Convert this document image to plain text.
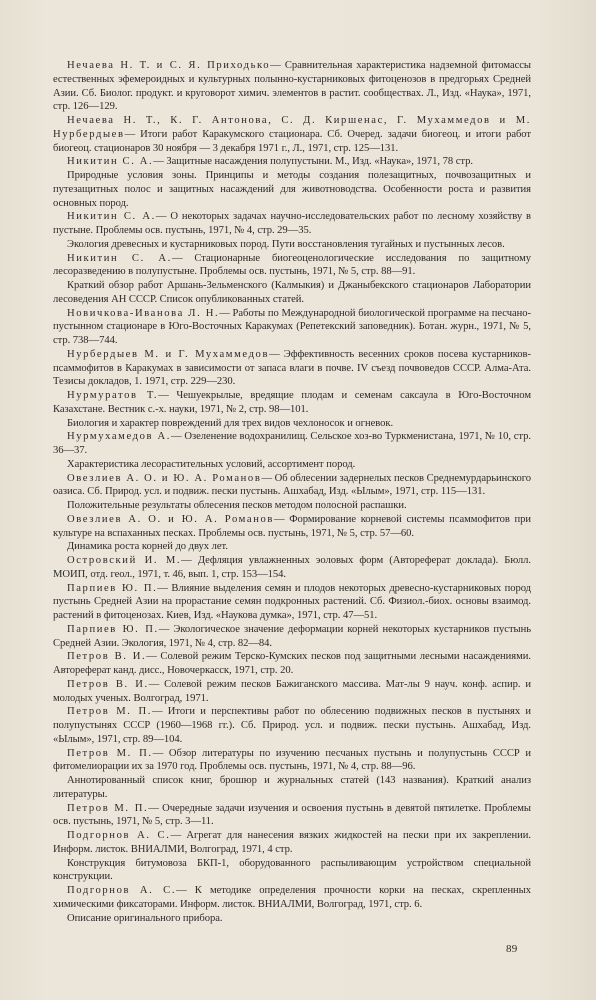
Нечаева Н. Т. и С. Я. Приходько— Сравнительная характеристика надземной фитомассы естественных эфемероидных и культурных полынно-кустарниковых фитоценозов в предгорьях Средней Азии. Сб. Биолог. продукт. и круговорот химич. элементов в растит. сообществах. Л., Изд. «Наука», 1971, стр. 126—129.

Нечаева Н. Т., К. Г. Антонова, С. Д. Киршенас, Г. Мухаммедов и М. Нурбердыев— Итоги работ Каракумского стационара. Сб. Очеред. задачи биогеоц. и итоги работ биогеоц. стационаров 30 ноября — 3 декабря 1971 г., Л., 1971, стр. 125—131.

Никитин С. А.— Защитные насаждения полупустыни. М., Изд. «Наука», 1971, 78 стр.

Природные условия зоны. Принципы и методы создания полезащитных, почвозащитных и путезащитных полос и защитных насаждений для животноводства. Особенности роста и развития основных пород.

Никитин С. А.— О некоторых задачах научно-исследовательских работ по лесному хозяйству в пустыне. Проблемы осв. пустынь, 1971, № 4, стр. 29—35.

Экология древесных и кустарниковых пород. Пути восстановления тугайных и пустынных лесов.

Никитин С. А.— Стационарные биогеоценологические исследования по защитному лесоразведению в полупустыне. Проблемы осв. пустынь, 1971, № 5, стр. 88—91.

Краткий обзор работ Аршань-Зельменского (Калмыкия) и Джаныбекского стационаров Лаборатории лесоведения АН СССР. Список опубликованных статей.

Новичкова-Иванова Л. Н.— Работы по Международной биологической программе на песчано-пустынном стационаре в Юго-Восточных Каракумах (Репетекский заповедник). Ботан. журн., 1971, № 5, стр. 738—744.

Нурбердыев М. и Г. Мухаммедов— Эффективность весенних сроков посева кустарников-псаммофитов в Каракумах в зависимости от запаса влаги в почве. IV съезд почвоведов СССР. Алма-Ата. Тезисы докладов, 1. 1971, стр. 229—230.

Нурмуратов Т.— Чешуекрылые, вредящие плодам и семенам саксаула в Юго-Восточном Казахстане. Вестник с.-х. науки, 1971, № 2, стр. 98—101.

Биология и характер повреждений для трех видов чехлоносок и огневок.

Нурмухамедов А.— Озеленение водохранилищ. Сельское хоз-во Туркменистана, 1971, № 10, стр. 36—37.

Характеристика лесорастительных условий, ассортимент пород.

Овезлиев А. О. и Ю. А. Романов— Об облесении задернелых песков Среднемурдарьинского оазиса. Сб. Природ. усл. и подвиж. пески пустынь. Ашхабад, Изд. «Ылым», 1971, стр. 115—131.

Положительные результаты облесения песков методом полосной распашки.

Овезлиев А. О. и Ю. А. Романов— Формирование корневой системы псаммофитов при культуре на вспаханных песках. Проблемы осв. пустынь, 1971, № 5, стр. 57—60.

Динамика роста корней до двух лет.

Островский И. М.— Дефляция увлажненных эоловых форм (Автореферат доклада). Бюлл. МОИП, отд. геол., 1971, т. 46, вып. 1, стр. 153—154.

Парпиев Ю. П.— Влияние выделения семян и плодов некоторых древесно-кустарниковых пород пустынь Средней Азии на прорастание семян подкронных растений. Сб. Физиол.-биох. основы взаимод. растений в фитоценозах. Киев, Изд. «Наукова думка», 1971, стр. 47—51.

Парпиев Ю. П.— Экологическое значение деформации корней некоторых кустарников пустынь Средней Азии. Экология, 1971, № 4, стр. 82—84.

Петров В. И.— Солевой режим Терско-Кумских песков под защитными лесными насаждениями. Автореферат канд. дисс., Новочеркасск, 1971, стр. 20.

Петров В. И.— Солевой режим песков Бажиганского массива. Мат-лы 9 науч. конф. аспир. и молодых ученых. Волгоград, 1971.

Петров М. П.— Итоги и перспективы работ по облесению подвижных песков в пустынях и полупустынях СССР (1960—1968 гг.). Сб. Природ. усл. и подвиж. пески пустынь. Ашхабад, Изд. «Ылым», 1971, стр. 89—104.

Петров М. П.— Обзор литературы по изучению песчаных пустынь и полупустынь СССР и фитомелиорации их за 1970 год. Проблемы осв. пустынь, 1971, № 4, стр. 88—96.

Аннотированный список книг, брошюр и журнальных статей (143 названия). Краткий анализ литературы.

Петров М. П.— Очередные задачи изучения и освоения пустынь в девятой пятилетке. Проблемы осв. пустынь, 1971, № 5, стр. 3—11.

Подгорнов А. С.— Агрегат для нанесения вязких жидкостей на пески при их закреплении. Информ. листок. ВНИАЛМИ, Волгоград, 1971, 4 стр.

Конструкция битумовоза БКП-1, оборудованного распыливающим устройством специальной конструкции.

Подгорнов А. С.— К методике определения прочности корки на песках, скрепленных химическими фиксаторами. Информ. листок. ВНИАЛМИ, Волгоград, 1971, стр. 6.

Описание оригинального прибора.

89
